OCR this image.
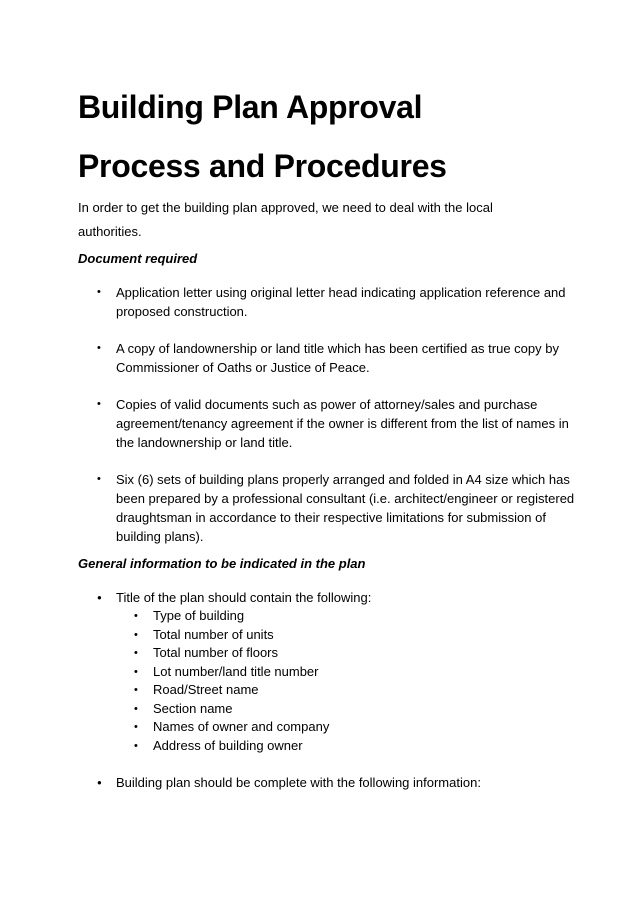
Building Plan Approval
Process and Procedures

In order to get the building plan approved, we need to deal with the local authorities.

Document required

• Application letter using original letter head indicating application reference and proposed construction.
• A copy of landownership or land title which has been certified as true copy by Commissioner of Oaths or Justice of Peace.
• Copies of valid documents such as power of attorney/sales and purchase agreement/tenancy agreement if the owner is different from the list of names in the landownership or land title.
• Six (6) sets of building plans properly arranged and folded in A4 size which has been prepared by a professional consultant (i.e. architect/engineer or registered draughtsman in accordance to their respective limitations for submission of building plans).

General information to be indicated in the plan

● Title of the plan should contain the following:
• Type of building
• Total number of units
• Total number of floors
• Lot number/land title number
• Road/Street name
• Section name
• Names of owner and company
• Address of building owner
● Building plan should be complete with the following information:
